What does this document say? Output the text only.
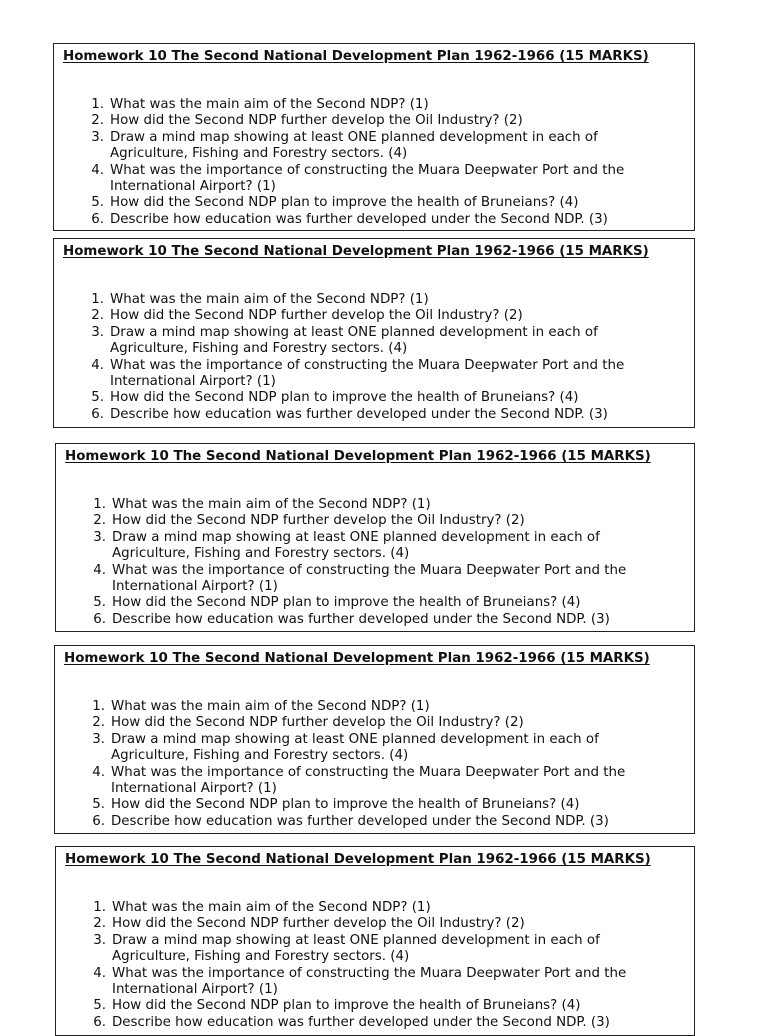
Homework 10 The Second National Development Plan 1962-1966 (15 MARKS)

1. What was the main aim of the Second NDP? (1)
2. How did the Second NDP further develop the Oil Industry? (2)
3. Draw a mind map showing at least ONE planned development in each of Agriculture, Fishing and Forestry sectors. (4)
4. What was the importance of constructing the Muara Deepwater Port and the International Airport? (1)
5. How did the Second NDP plan to improve the health of Bruneians? (4)
6. Describe how education was further developed under the Second NDP. (3)

Homework 10 The Second National Development Plan 1962-1966 (15 MARKS)

1. What was the main aim of the Second NDP? (1)
2. How did the Second NDP further develop the Oil Industry? (2)
3. Draw a mind map showing at least ONE planned development in each of Agriculture, Fishing and Forestry sectors. (4)
4. What was the importance of constructing the Muara Deepwater Port and the International Airport? (1)
5. How did the Second NDP plan to improve the health of Bruneians? (4)
6. Describe how education was further developed under the Second NDP. (3)

Homework 10 The Second National Development Plan 1962-1966 (15 MARKS)

1. What was the main aim of the Second NDP? (1)
2. How did the Second NDP further develop the Oil Industry? (2)
3. Draw a mind map showing at least ONE planned development in each of Agriculture, Fishing and Forestry sectors. (4)
4. What was the importance of constructing the Muara Deepwater Port and the International Airport? (1)
5. How did the Second NDP plan to improve the health of Bruneians? (4)
6. Describe how education was further developed under the Second NDP. (3)

Homework 10 The Second National Development Plan 1962-1966 (15 MARKS)

1. What was the main aim of the Second NDP? (1)
2. How did the Second NDP further develop the Oil Industry? (2)
3. Draw a mind map showing at least ONE planned development in each of Agriculture, Fishing and Forestry sectors. (4)
4. What was the importance of constructing the Muara Deepwater Port and the International Airport? (1)
5. How did the Second NDP plan to improve the health of Bruneians? (4)
6. Describe how education was further developed under the Second NDP. (3)

Homework 10 The Second National Development Plan 1962-1966 (15 MARKS)

1. What was the main aim of the Second NDP? (1)
2. How did the Second NDP further develop the Oil Industry? (2)
3. Draw a mind map showing at least ONE planned development in each of Agriculture, Fishing and Forestry sectors. (4)
4. What was the importance of constructing the Muara Deepwater Port and the International Airport? (1)
5. How did the Second NDP plan to improve the health of Bruneians? (4)
6. Describe how education was further developed under the Second NDP. (3)
